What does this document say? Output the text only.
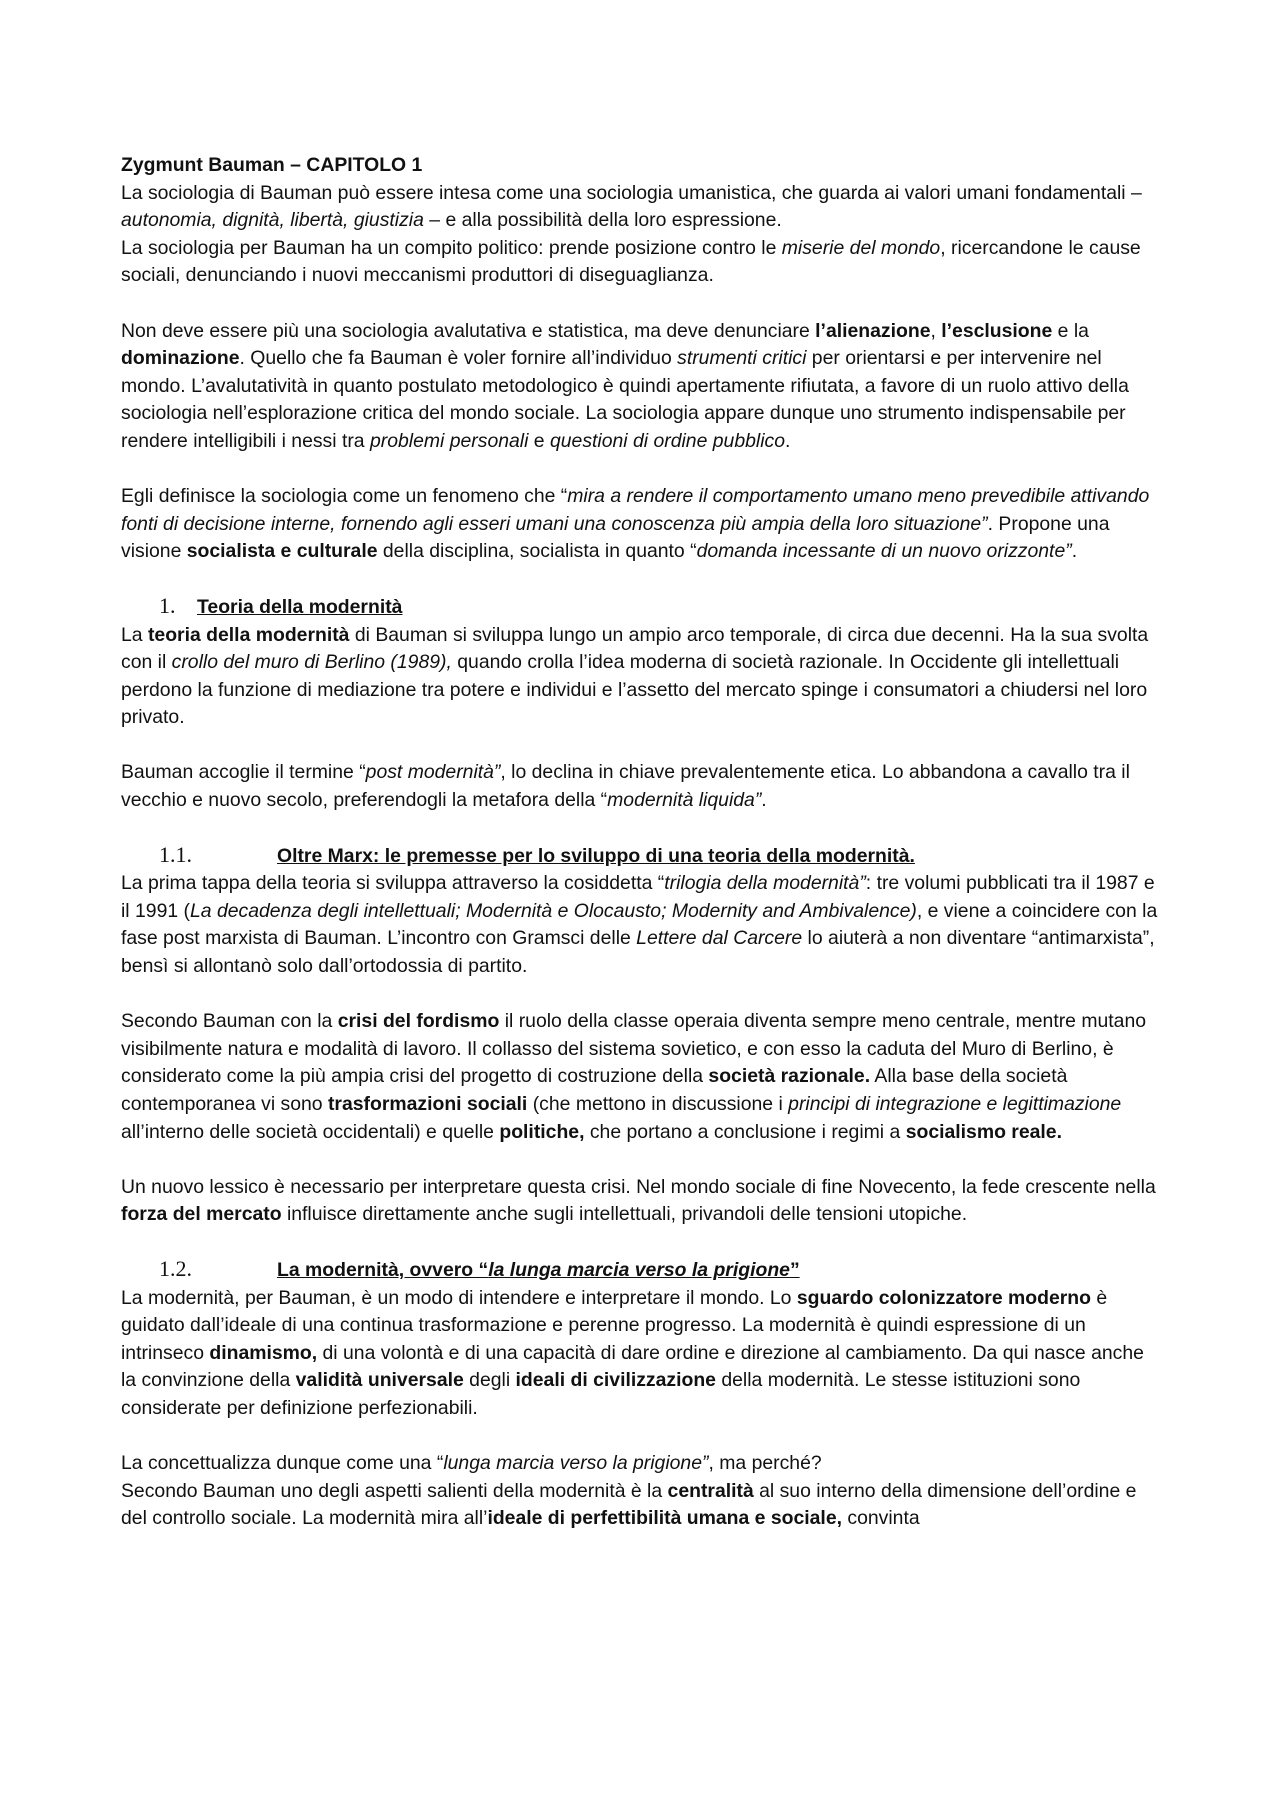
Zygmunt Bauman – CAPITOLO 1

La sociologia di Bauman può essere intesa come una sociologia umanistica, che guarda ai valori umani fondamentali – autonomia, dignità, libertà, giustizia – e alla possibilità della loro espressione.

La sociologia per Bauman ha un compito politico: prende posizione contro le miserie del mondo, ricercandone le cause sociali, denunciando i nuovi meccanismi produttori di diseguaglianza.

Non deve essere più una sociologia avalutativa e statistica, ma deve denunciare l’alienazione, l’esclusione e la dominazione. Quello che fa Bauman è voler fornire all’individuo strumenti critici per orientarsi e per intervenire nel mondo. L’avalutatività in quanto postulato metodologico è quindi apertamente rifiutata, a favore di un ruolo attivo della sociologia nell’esplorazione critica del mondo sociale. La sociologia appare dunque uno strumento indispensabile per rendere intelligibili i nessi tra problemi personali e questioni di ordine pubblico.

Egli definisce la sociologia come un fenomeno che “mira a rendere il comportamento umano meno prevedibile attivando fonti di decisione interne, fornendo agli esseri umani una conoscenza più ampia della loro situazione”. Propone una visione socialista e culturale della disciplina, socialista in quanto “domanda incessante di un nuovo orizzonte”.

1.	Teoria della modernità

La teoria della modernità di Bauman si sviluppa lungo un ampio arco temporale, di circa due decenni. Ha la sua svolta con il crollo del muro di Berlino (1989), quando crolla l’idea moderna di società razionale. In Occidente gli intellettuali perdono la funzione di mediazione tra potere e individui e l’assetto del mercato spinge i consumatori a chiudersi nel loro privato.

Bauman accoglie il termine “post modernità”, lo declina in chiave prevalentemente etica. Lo abbandona a cavallo tra il vecchio e nuovo secolo, preferendogli la metafora della “modernità liquida”.

1.1.	Oltre Marx: le premesse per lo sviluppo di una teoria della modernità.

La prima tappa della teoria si sviluppa attraverso la cosiddetta “trilogia della modernità”: tre volumi pubblicati tra il 1987 e il 1991 (La decadenza degli intellettuali; Modernità e Olocausto; Modernity and Ambivalence), e viene a coincidere con la fase post marxista di Bauman. L’incontro con Gramsci delle Lettere dal Carcere lo aiuterà a non diventare “antimarxista”, bensì si allontanò solo dall’ortodossia di partito.

Secondo Bauman con la crisi del fordismo il ruolo della classe operaia diventa sempre meno centrale, mentre mutano visibilmente natura e modalità di lavoro. Il collasso del sistema sovietico, e con esso la caduta del Muro di Berlino, è considerato come la più ampia crisi del progetto di costruzione della società razionale. Alla base della società contemporanea vi sono trasformazioni sociali (che mettono in discussione i principi di integrazione e legittimazione all’interno delle società occidentali) e quelle politiche, che portano a conclusione i regimi a socialismo reale.

Un nuovo lessico è necessario per interpretare questa crisi. Nel mondo sociale di fine Novecento, la fede crescente nella forza del mercato influisce direttamente anche sugli intellettuali, privandoli delle tensioni utopiche.

1.2.	La modernità, ovvero “la lunga marcia verso la prigione”

La modernità, per Bauman, è un modo di intendere e interpretare il mondo. Lo sguardo colonizzatore moderno è guidato dall’ideale di una continua trasformazione e perenne progresso. La modernità è quindi espressione di un intrinseco dinamismo, di una volontà e di una capacità di dare ordine e direzione al cambiamento. Da qui nasce anche la convinzione della validità universale degli ideali di civilizzazione della modernità. Le stesse istituzioni sono considerate per definizione perfezionabili.

La concettualizza dunque come una “lunga marcia verso la prigione”, ma perché?

Secondo Bauman uno degli aspetti salienti della modernità è la centralità al suo interno della dimensione dell’ordine e del controllo sociale. La modernità mira all’ideale di perfettibilità umana e sociale, convinta
